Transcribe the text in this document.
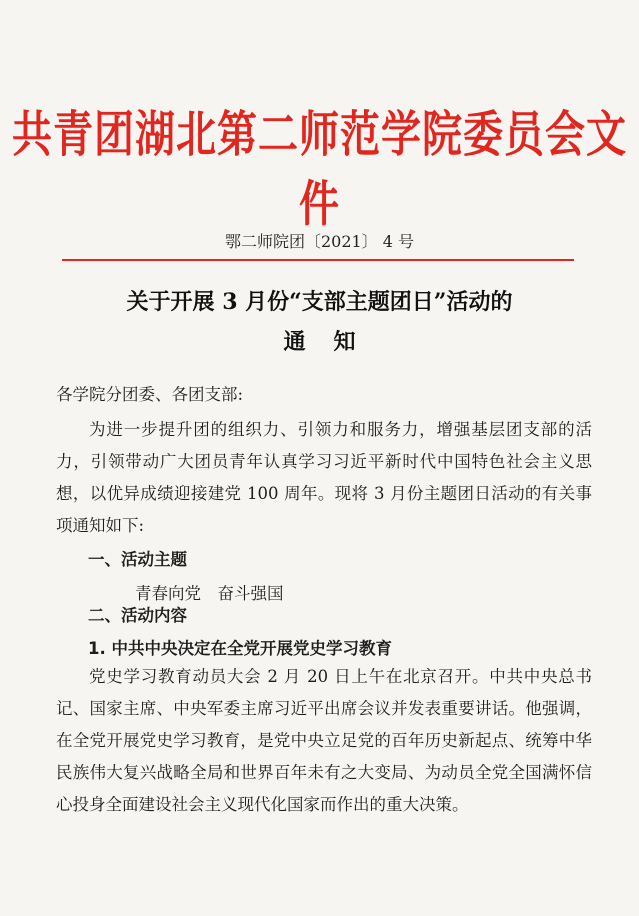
共青团湖北第二师范学院委员会文件
鄂二师院团〔2021〕 4 号
关于开展 3 月份“支部主题团日”活动的
通知
各学院分团委、各团支部:
为进一步提升团的组织力、引领力和服务力，增强基层团支部的活力，引领带动广大团员青年认真学习习近平新时代中国特色社会主义思想，以优异成绩迎接建党 100 周年。现将 3 月份主题团日活动的有关事项通知如下:
一、活动主题
青春向党　奋斗强国
二、活动内容
1. 中共中央决定在全党开展党史学习教育
党史学习教育动员大会 2 月 20 日上午在北京召开。中共中央总书记、国家主席、中央军委主席习近平出席会议并发表重要讲话。他强调，在全党开展党史学习教育，是党中央立足党的百年历史新起点、统筹中华民族伟大复兴战略全局和世界百年未有之大变局、为动员全党全国满怀信心投身全面建设社会主义现代化国家而作出的重大决策。
